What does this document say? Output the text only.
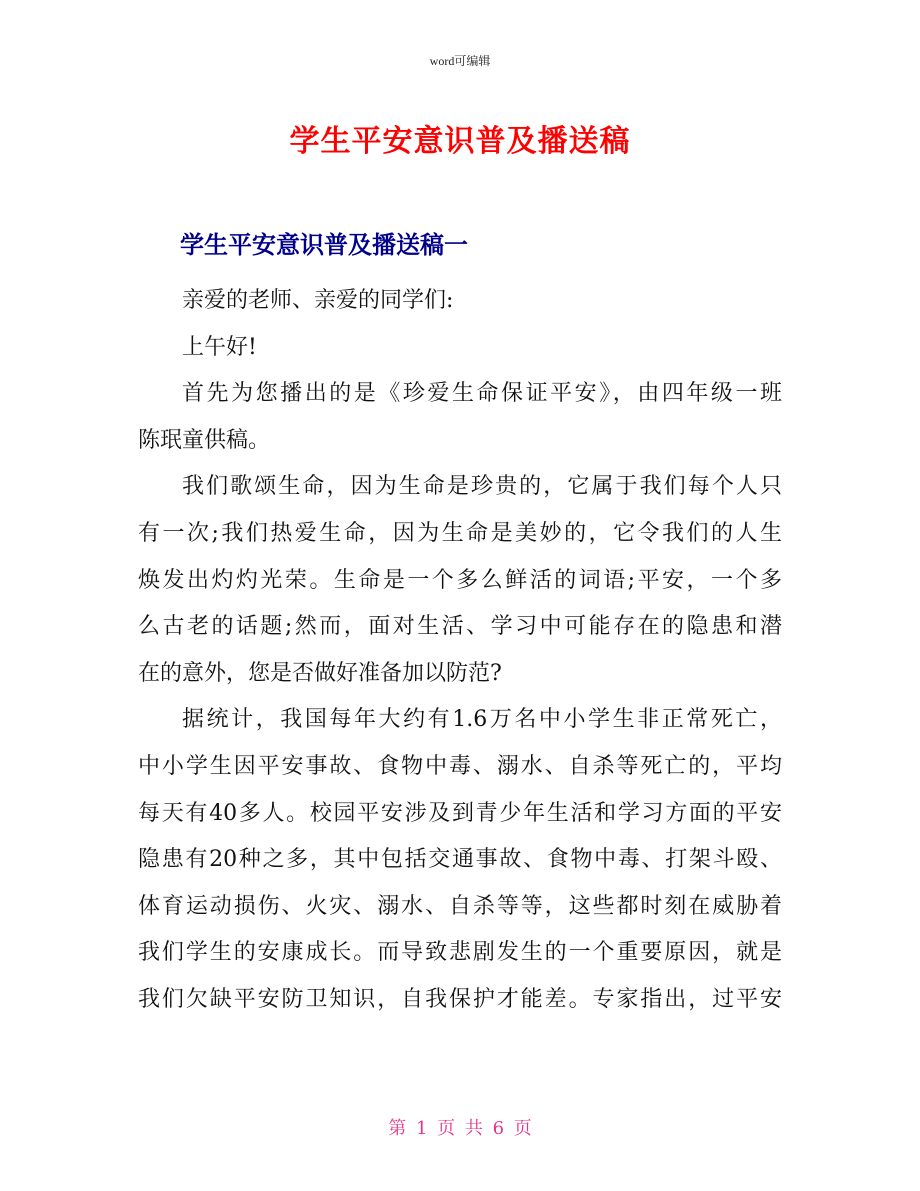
word可编辑
学生平安意识普及播送稿
学生平安意识普及播送稿一
亲爱的老师、亲爱的同学们:
上午好!
首先为您播出的是《珍爱生命保证平安》，由四年级一班
陈珉童供稿。
我们歌颂生命，因为生命是珍贵的，它属于我们每个人只
有一次;我们热爱生命，因为生命是美妙的，它令我们的人生
焕发出灼灼光荣。生命是一个多么鲜活的词语;平安，一个多
么古老的话题;然而，面对生活、学习中可能存在的隐患和潜
在的意外，您是否做好准备加以防范?
据统计，我国每年大约有1.6万名中小学生非正常死亡，
中小学生因平安事故、食物中毒、溺水、自杀等死亡的，平均
每天有40多人。校园平安涉及到青少年生活和学习方面的平安
隐患有20种之多，其中包括交通事故、食物中毒、打架斗殴、
体育运动损伤、火灾、溺水、自杀等等，这些都时刻在威胁着
我们学生的安康成长。而导致悲剧发生的一个重要原因，就是
我们欠缺平安防卫知识，自我保护才能差。专家指出，过平安
第 1 页 共 6 页
